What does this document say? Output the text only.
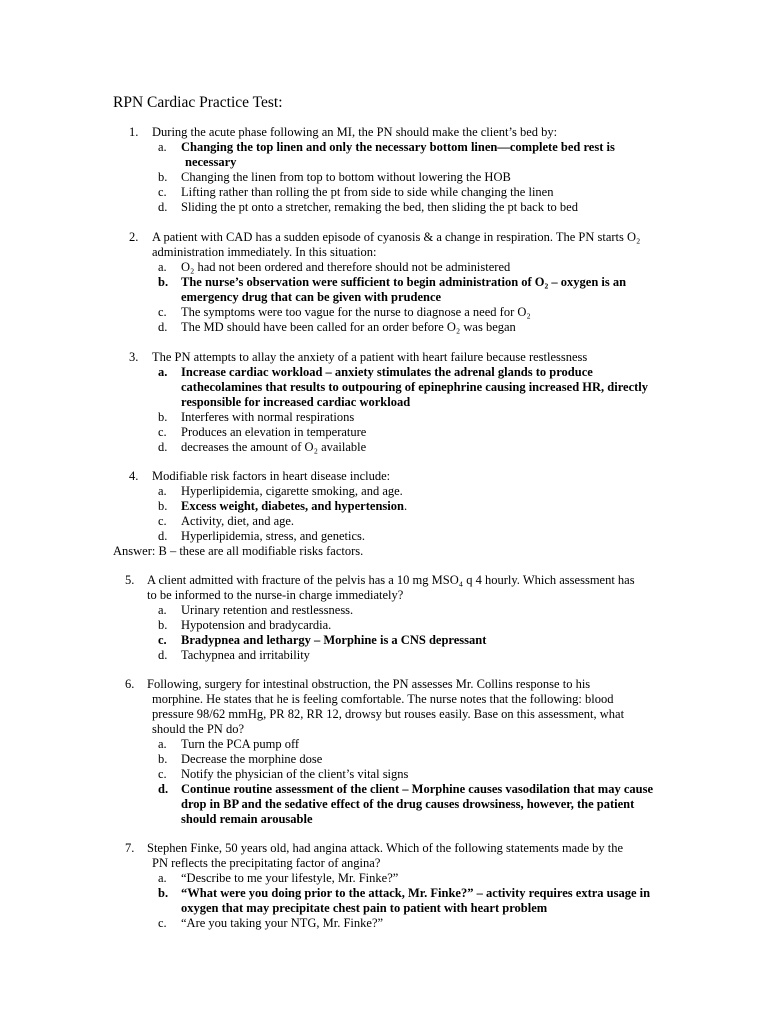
RPN Cardiac Practice Test:
1. During the acute phase following an MI, the PN should make the client’s bed by:
a. Changing the top linen and only the necessary bottom linen—complete bed rest is
necessary
b. Changing the linen from top to bottom without lowering the HOB
c. Lifting rather than rolling the pt from side to side while changing the linen
d. Sliding the pt onto a stretcher, remaking the bed, then sliding the pt back to bed
2. A patient with CAD has a sudden episode of cyanosis & a change in respiration. The PN starts O₂
administration immediately. In this situation:
a. O₂ had not been ordered and therefore should not be administered
b. The nurse’s observation were sufficient to begin administration of O₂ – oxygen is an
emergency drug that can be given with prudence
c. The symptoms were too vague for the nurse to diagnose a need for O₂
d. The MD should have been called for an order before O₂ was began
3. The PN attempts to allay the anxiety of a patient with heart failure because restlessness
a. Increase cardiac workload – anxiety stimulates the adrenal glands to produce
cathecolamines that results to outpouring of epinephrine causing increased HR, directly
responsible for increased cardiac workload
b. Interferes with normal respirations
c. Produces an elevation in temperature
d. decreases the amount of O₂ available
4. Modifiable risk factors in heart disease include:
a. Hyperlipidemia, cigarette smoking, and age.
b. Excess weight, diabetes, and hypertension.
c. Activity, diet, and age.
d. Hyperlipidemia, stress, and genetics.
Answer: B – these are all modifiable risks factors.
5. A client admitted with fracture of the pelvis has a 10 mg MSO₄ q 4 hourly. Which assessment has
to be informed to the nurse-in charge immediately?
a. Urinary retention and restlessness.
b. Hypotension and bradycardia.
c. Bradypnea and lethargy – Morphine is a CNS depressant
d. Tachypnea and irritability
6. Following, surgery for intestinal obstruction, the PN assesses Mr. Collins response to his
morphine. He states that he is feeling comfortable. The nurse notes that the following: blood
pressure 98/62 mmHg, PR 82, RR 12, drowsy but rouses easily. Base on this assessment, what
should the PN do?
a. Turn the PCA pump off
b. Decrease the morphine dose
c. Notify the physician of the client’s vital signs
d. Continue routine assessment of the client – Morphine causes vasodilation that may cause
drop in BP and the sedative effect of the drug causes drowsiness, however, the patient
should remain arousable
7. Stephen Finke, 50 years old, had angina attack. Which of the following statements made by the
PN reflects the precipitating factor of angina?
a. “Describe to me your lifestyle, Mr. Finke?”
b. “What were you doing prior to the attack, Mr. Finke?” – activity requires extra usage in
oxygen that may precipitate chest pain to patient with heart problem
c. “Are you taking your NTG, Mr. Finke?”
